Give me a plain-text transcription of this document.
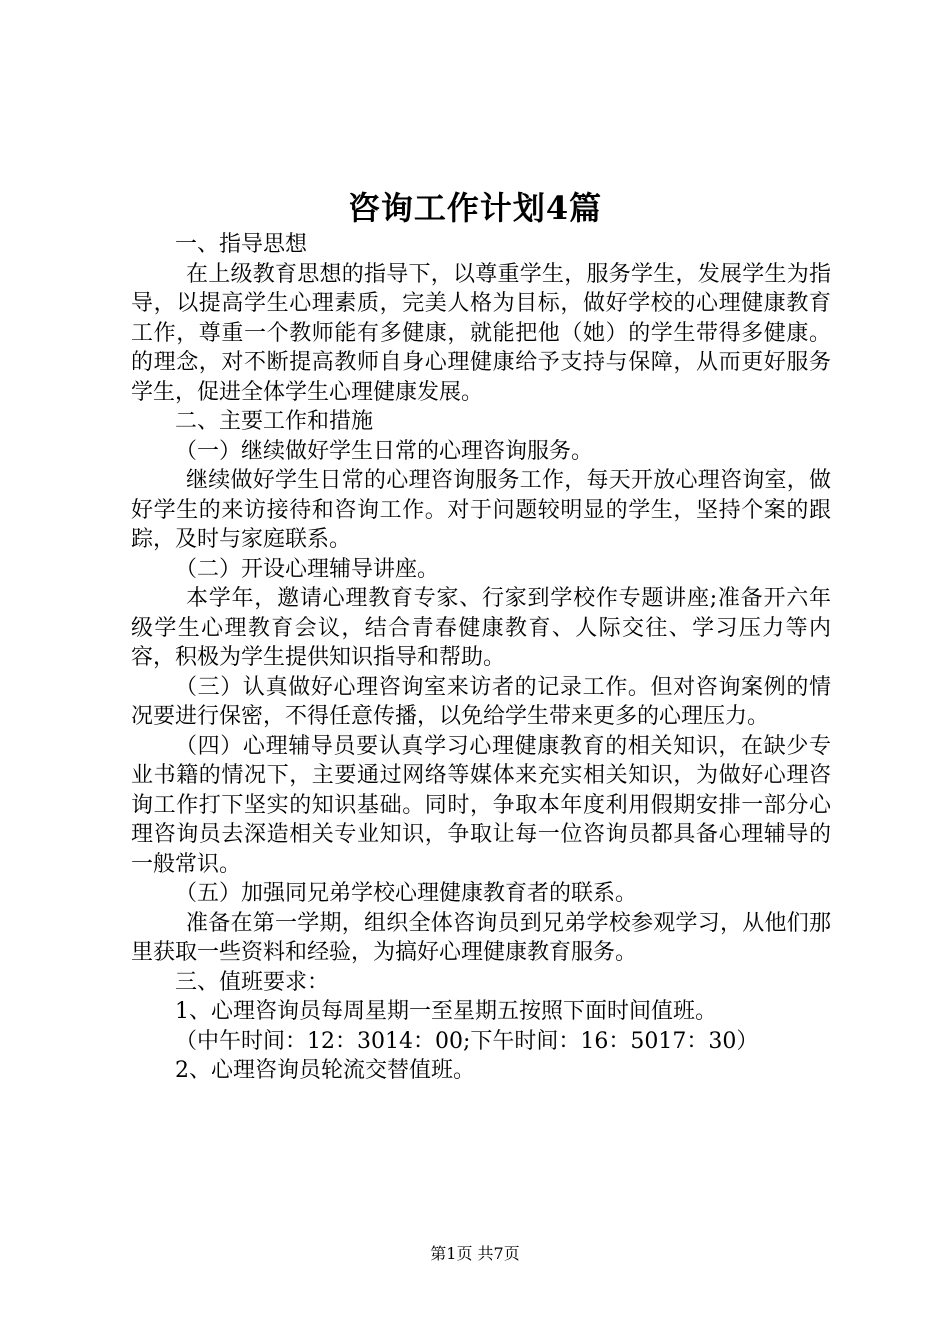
咨询工作计划4篇

一、指导思想

在上级教育思想的指导下，以尊重学生，服务学生，发展学生为指导，以提高学生心理素质，完美人格为目标，做好学校的心理健康教育工作，尊重一个教师能有多健康，就能把他（她）的学生带得多健康。的理念，对不断提高教师自身心理健康给予支持与保障，从而更好服务学生，促进全体学生心理健康发展。

二、主要工作和措施

（一）继续做好学生日常的心理咨询服务。

继续做好学生日常的心理咨询服务工作，每天开放心理咨询室，做好学生的来访接待和咨询工作。对于问题较明显的学生，坚持个案的跟踪，及时与家庭联系。

（二）开设心理辅导讲座。

本学年，邀请心理教育专家、行家到学校作专题讲座;准备开六年级学生心理教育会议，结合青春健康教育、人际交往、学习压力等内容，积极为学生提供知识指导和帮助。

（三）认真做好心理咨询室来访者的记录工作。但对咨询案例的情况要进行保密，不得任意传播，以免给学生带来更多的心理压力。

（四）心理辅导员要认真学习心理健康教育的相关知识，在缺少专业书籍的情况下，主要通过网络等媒体来充实相关知识，为做好心理咨询工作打下坚实的知识基础。同时，争取本年度利用假期安排一部分心理咨询员去深造相关专业知识，争取让每一位咨询员都具备心理辅导的一般常识。

（五）加强同兄弟学校心理健康教育者的联系。

准备在第一学期，组织全体咨询员到兄弟学校参观学习，从他们那里获取一些资料和经验，为搞好心理健康教育服务。

三、值班要求：

1、心理咨询员每周星期一至星期五按照下面时间值班。

（中午时间：12：3014：00;下午时间：16：5017：30）

2、心理咨询员轮流交替值班。

第1页 共7页
